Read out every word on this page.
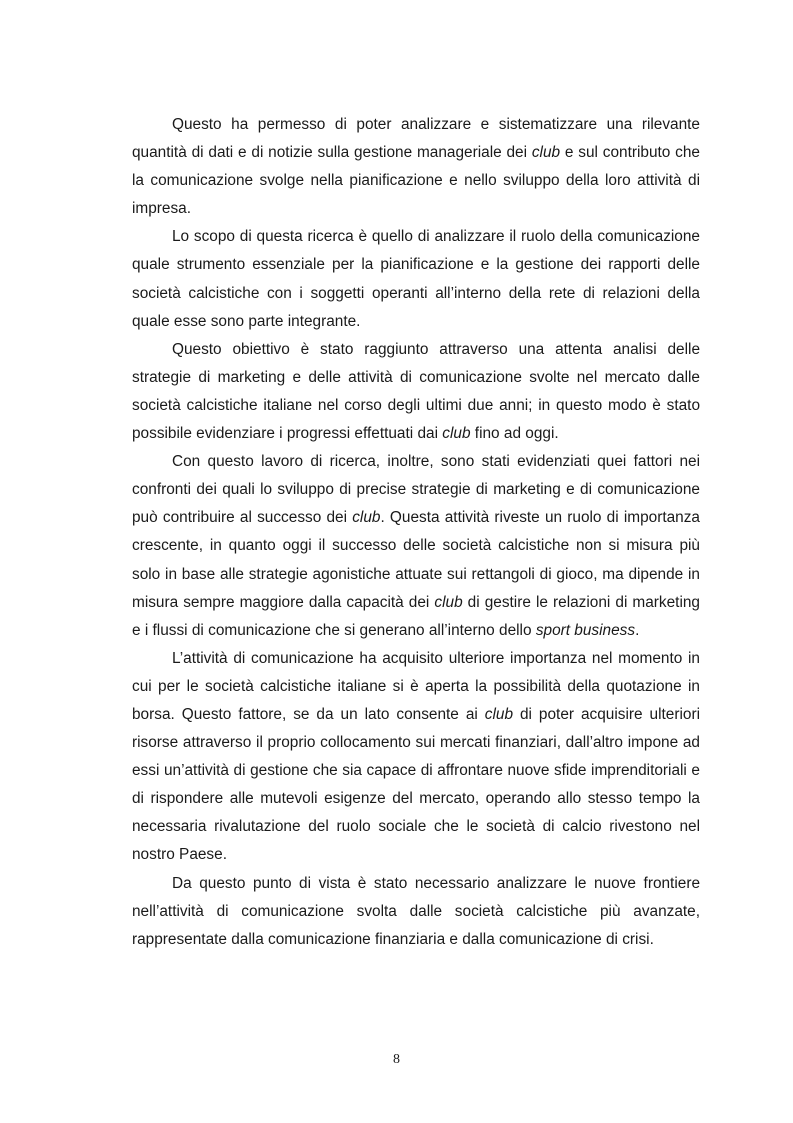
Questo ha permesso di poter analizzare e sistematizzare una rilevante quantità di dati e di notizie sulla gestione manageriale dei club e sul contributo che la comunicazione svolge nella pianificazione e nello sviluppo della loro attività di impresa.

Lo scopo di questa ricerca è quello di analizzare il ruolo della comunicazione quale strumento essenziale per la pianificazione e la gestione dei rapporti delle società calcistiche con i soggetti operanti all’interno della rete di relazioni della quale esse sono parte integrante.

Questo obiettivo è stato raggiunto attraverso una attenta analisi delle strategie di marketing e delle attività di comunicazione svolte nel mercato dalle società calcistiche italiane nel corso degli ultimi due anni; in questo modo è stato possibile evidenziare i progressi effettuati dai club fino ad oggi.

Con questo lavoro di ricerca, inoltre, sono stati evidenziati quei fattori nei confronti dei quali lo sviluppo di precise strategie di marketing e di comunicazione può contribuire al successo dei club. Questa attività riveste un ruolo di importanza crescente, in quanto oggi il successo delle società calcistiche non si misura più solo in base alle strategie agonistiche attuate sui rettangoli di gioco, ma dipende in misura sempre maggiore dalla capacità dei club di gestire le relazioni di marketing e i flussi di comunicazione che si generano all’interno dello sport business.

L’attività di comunicazione ha acquisito ulteriore importanza nel momento in cui per le società calcistiche italiane si è aperta la possibilità della quotazione in borsa. Questo fattore, se da un lato consente ai club di poter acquisire ulteriori risorse attraverso il proprio collocamento sui mercati finanziari, dall’altro impone ad essi un’attività di gestione che sia capace di affrontare nuove sfide imprenditoriali e di rispondere alle mutevoli esigenze del mercato, operando allo stesso tempo la necessaria rivalutazione del ruolo sociale che le società di calcio rivestono nel nostro Paese.

Da questo punto di vista è stato necessario analizzare le nuove frontiere nell’attività di comunicazione svolta dalle società calcistiche più avanzate, rappresentate dalla comunicazione finanziaria e dalla comunicazione di crisi.

8
